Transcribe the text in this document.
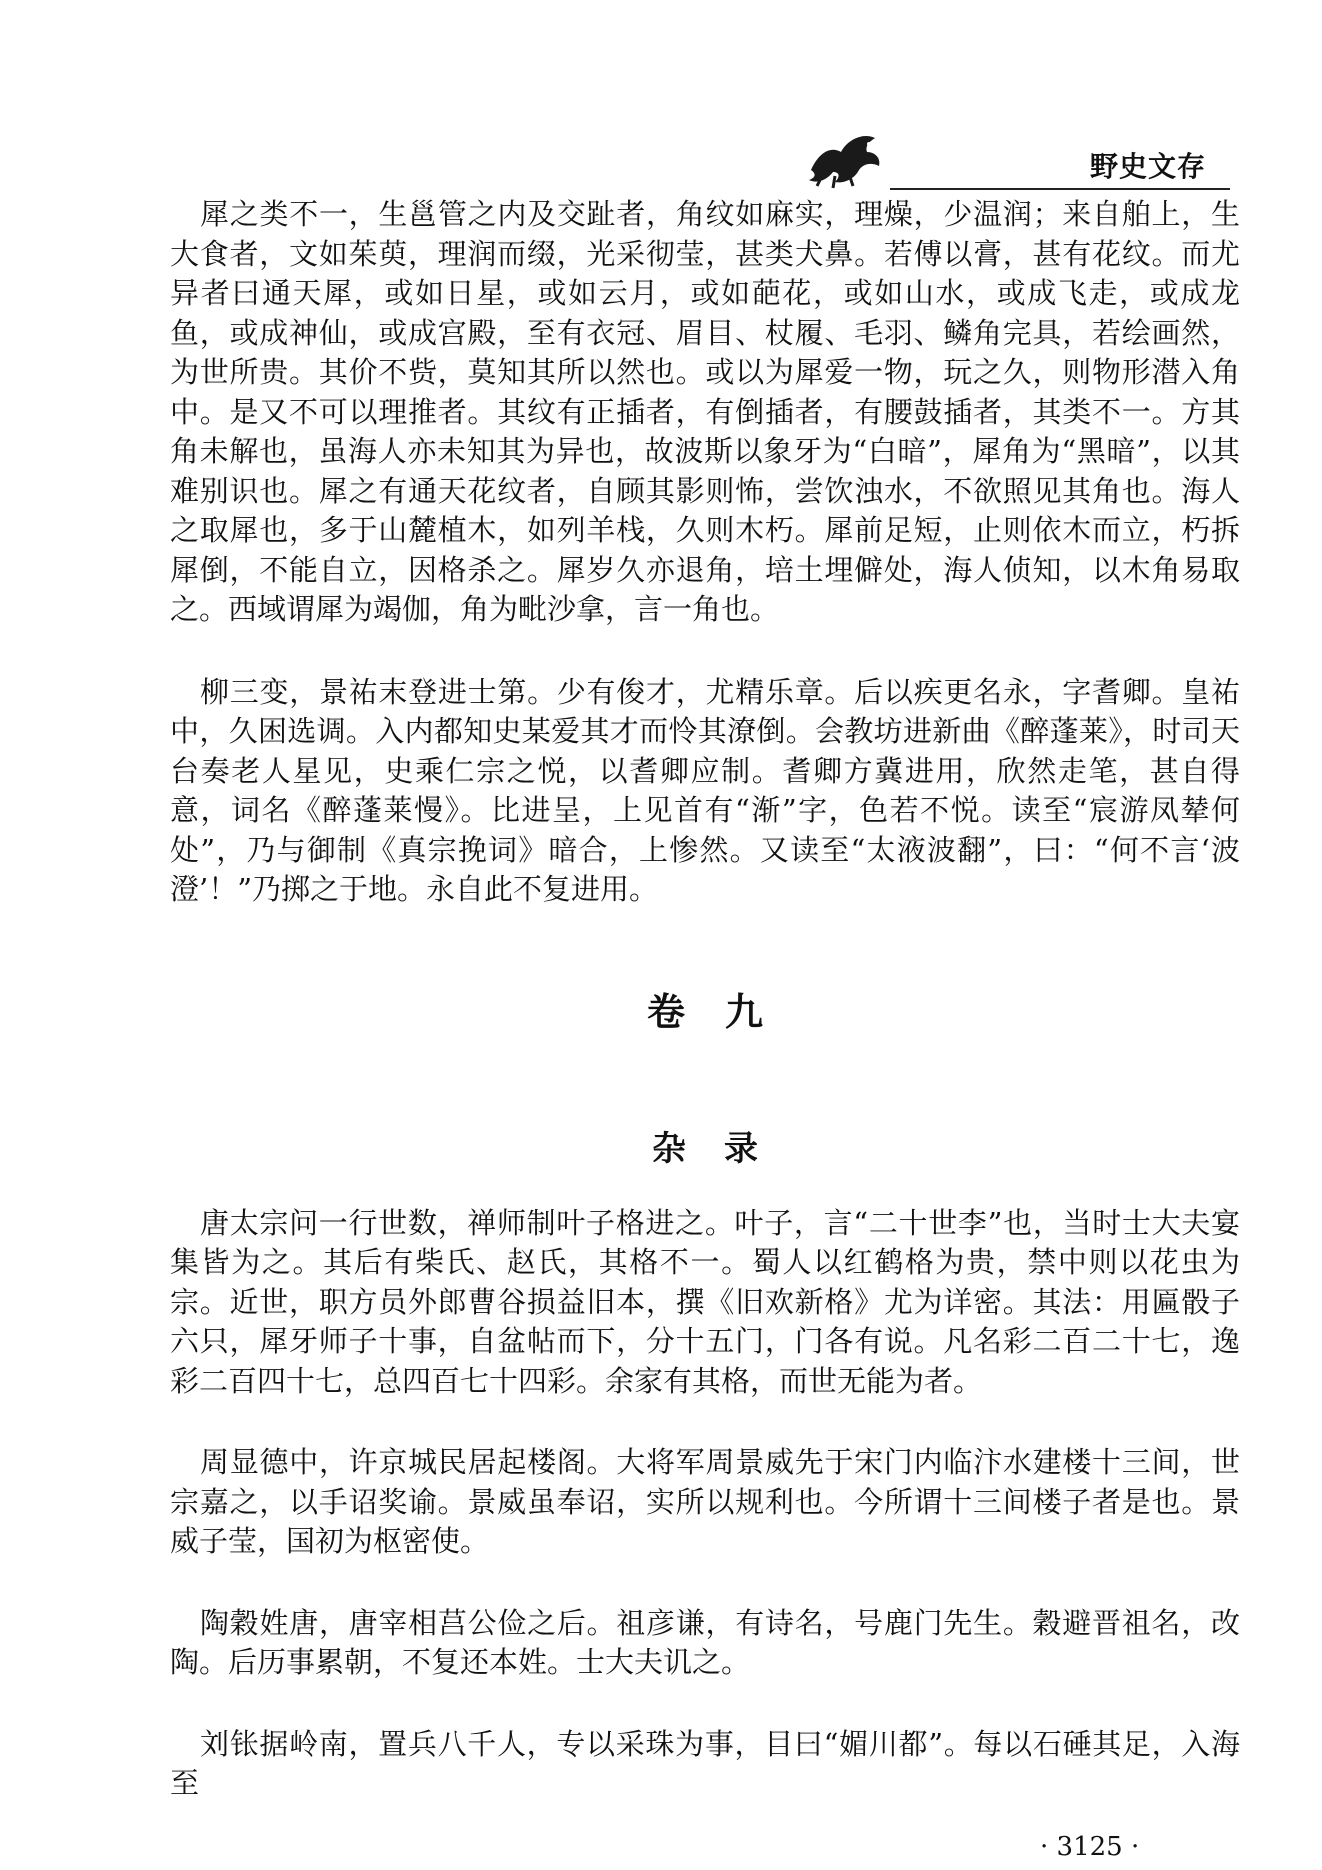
野史文存

犀之类不一，生邕管之内及交趾者，角纹如麻实，理燥，少温润；来自舶上，生大食者，文如茱萸，理润而缀，光采彻莹，甚类犬鼻。若傅以膏，甚有花纹。而尤异者曰通天犀，或如日星，或如云月，或如葩花，或如山水，或成飞走，或成龙鱼，或成神仙，或成宫殿，至有衣冠、眉目、杖履、毛羽、鳞角完具，若绘画然，为世所贵。其价不赀，莫知其所以然也。或以为犀爱一物，玩之久，则物形潜入角中。是又不可以理推者。其纹有正插者，有倒插者，有腰鼓插者，其类不一。方其角未解也，虽海人亦未知其为异也，故波斯以象牙为“白暗”，犀角为“黑暗”，以其难别识也。犀之有通天花纹者，自顾其影则怖，尝饮浊水，不欲照见其角也。海人之取犀也，多于山麓植木，如列羊栈，久则木朽。犀前足短，止则依木而立，朽拆犀倒，不能自立，因格杀之。犀岁久亦退角，培土埋僻处，海人侦知，以木角易取之。西域谓犀为竭伽，角为毗沙拿，言一角也。

柳三变，景祐末登进士第。少有俊才，尤精乐章。后以疾更名永，字耆卿。皇祐中，久困选调。入内都知史某爱其才而怜其潦倒。会教坊进新曲《醉蓬莱》，时司天台奏老人星见，史乘仁宗之悦，以耆卿应制。耆卿方冀进用，欣然走笔，甚自得意，词名《醉蓬莱慢》。比进呈，上见首有“渐”字，色若不悦。读至“宸游凤辇何处”，乃与御制《真宗挽词》暗合，上惨然。又读至“太液波翻”，曰：“何不言‘波澄’！”乃掷之于地。永自此不复进用。

卷九
杂录

唐太宗问一行世数，禅师制叶子格进之。叶子，言“二十世李”也，当时士大夫宴集皆为之。其后有柴氏、赵氏，其格不一。蜀人以红鹤格为贵，禁中则以花虫为宗。近世，职方员外郎曹谷损益旧本，撰《旧欢新格》尤为详密。其法：用匾骰子六只，犀牙师子十事，自盆帖而下，分十五门，门各有说。凡名彩二百二十七，逸彩二百四十七，总四百七十四彩。余家有其格，而世无能为者。

周显德中，许京城民居起楼阁。大将军周景威先于宋门内临汴水建楼十三间，世宗嘉之，以手诏奖谕。景威虽奉诏，实所以规利也。今所谓十三间楼子者是也。景威子莹，国初为枢密使。

陶穀姓唐，唐宰相莒公俭之后。祖彦谦，有诗名，号鹿门先生。穀避晋祖名，改陶。后历事累朝，不复还本姓。士大夫讥之。

刘𬬮据岭南，置兵八千人，专以采珠为事，目曰“媚川都”。每以石硾其足，入海至

· 3125 ·
